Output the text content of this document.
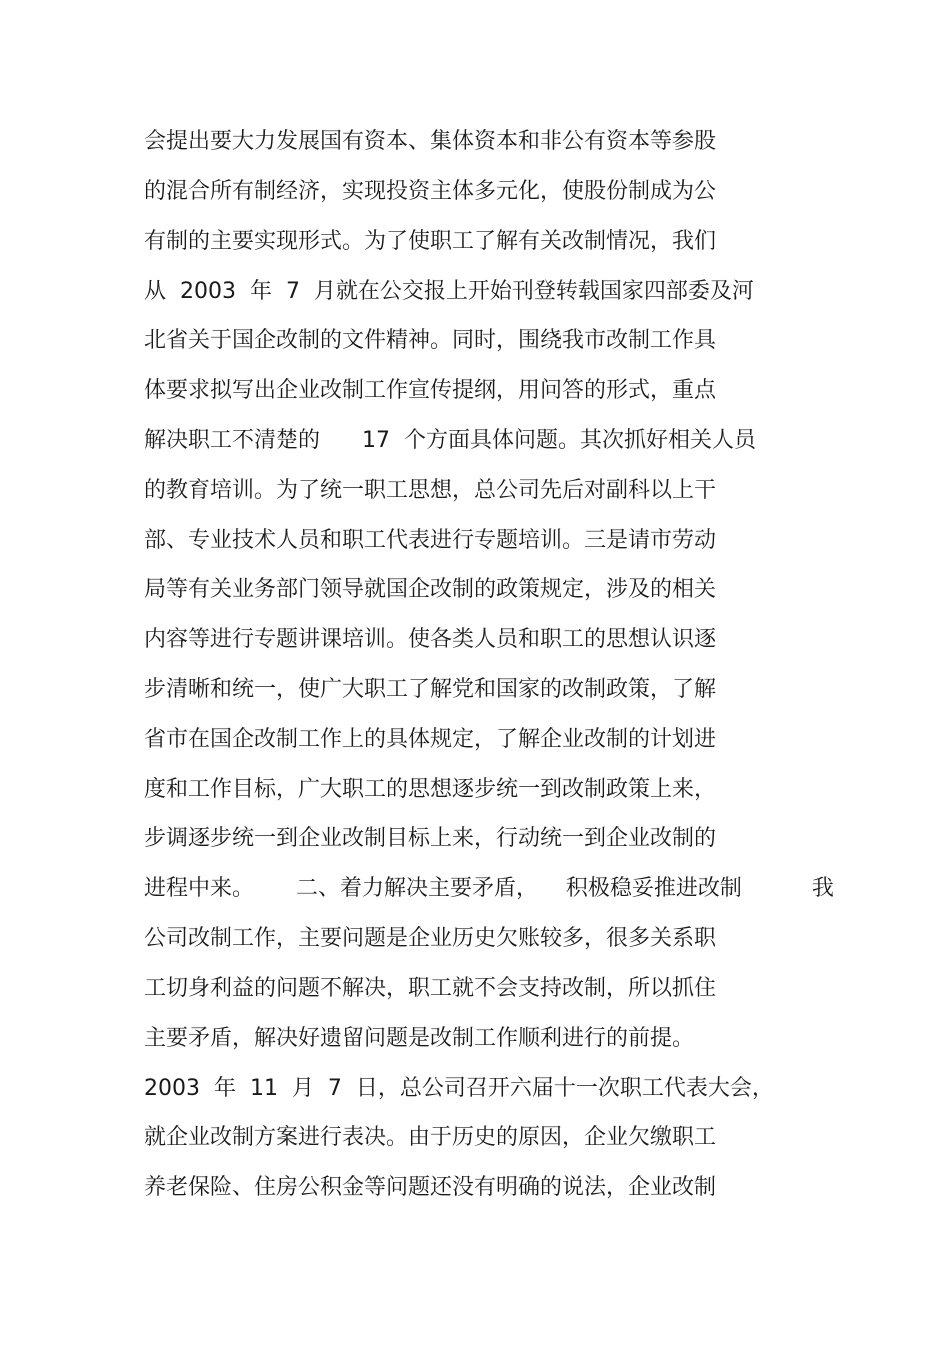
会提出要大力发展国有资本、集体资本和非公有资本等参股

的混合所有制经济，实现投资主体多元化，使股份制成为公

有制的主要实现形式。为了使职工了解有关改制情况，我们

从  2003  年  7  月就在公交报上开始刊登转载国家四部委及河

北省关于国企改制的文件精神。同时，围绕我市改制工作具

体要求拟写出企业改制工作宣传提纲，用问答的形式，重点

解决职工不清楚的      17  个方面具体问题。其次抓好相关人员

的教育培训。为了统一职工思想，总公司先后对副科以上干

部、专业技术人员和职工代表进行专题培训。三是请市劳动

局等有关业务部门领导就国企改制的政策规定，涉及的相关

内容等进行专题讲课培训。使各类人员和职工的思想认识逐

步清晰和统一，使广大职工了解党和国家的改制政策，了解

省市在国企改制工作上的具体规定，了解企业改制的计划进

度和工作目标，广大职工的思想逐步统一到改制政策上来，

步调逐步统一到企业改制目标上来，行动统一到企业改制的

进程中来。      二、着力解决主要矛盾，    积极稳妥推进改制          我

公司改制工作，主要问题是企业历史欠账较多，很多关系职

工切身利益的问题不解决，职工就不会支持改制，所以抓住

主要矛盾，解决好遗留问题是改制工作顺利进行的前提。

2003  年  11  月  7  日，总公司召开六届十一次职工代表大会，

就企业改制方案进行表决。由于历史的原因，企业欠缴职工

养老保险、住房公积金等问题还没有明确的说法，企业改制
